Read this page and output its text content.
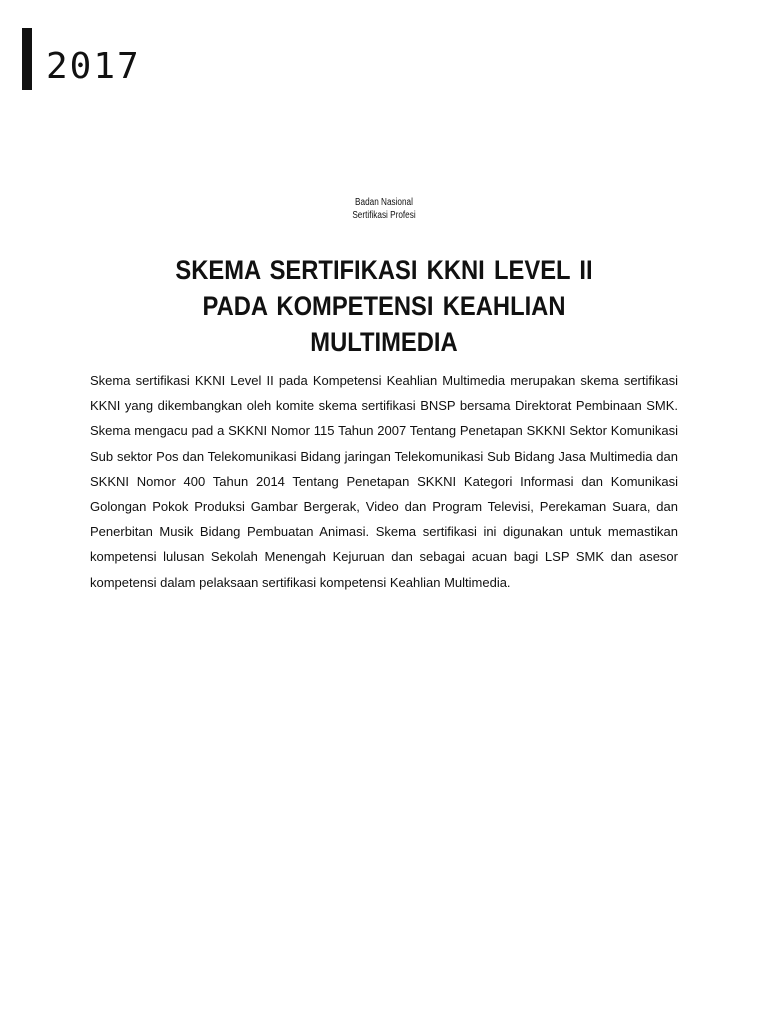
2017
Badan Nasional
Sertifikasi Profesi
SKEMA SERTIFIKASI KKNI LEVEL II
PADA KOMPETENSI KEAHLIAN
MULTIMEDIA
Skema sertifikasi KKNI Level II pada Kompetensi Keahlian Multimedia merupakan skema sertifikasi KKNI yang dikembangkan oleh komite skema sertifikasi BNSP bersama Direktorat Pembinaan SMK. Skema mengacu pad a SKKNI Nomor 115 Tahun 2007 Tentang Penetapan SKKNI Sektor Komunikasi Sub sektor Pos dan Telekomunikasi Bidang jaringan Telekomunikasi Sub Bidang Jasa Multimedia dan SKKNI Nomor 400 Tahun 2014 Tentang Penetapan SKKNI Kategori Informasi dan Komunikasi Golongan Pokok Produksi Gambar Bergerak, Video dan Program Televisi, Perekaman Suara, dan Penerbitan Musik Bidang Pembuatan Animasi. Skema sertifikasi ini digunakan untuk memastikan kompetensi lulusan Sekolah Menengah Kejuruan dan sebagai acuan bagi LSP SMK dan asesor kompetensi dalam pelaksaan sertifikasi kompetensi Keahlian Multimedia.
